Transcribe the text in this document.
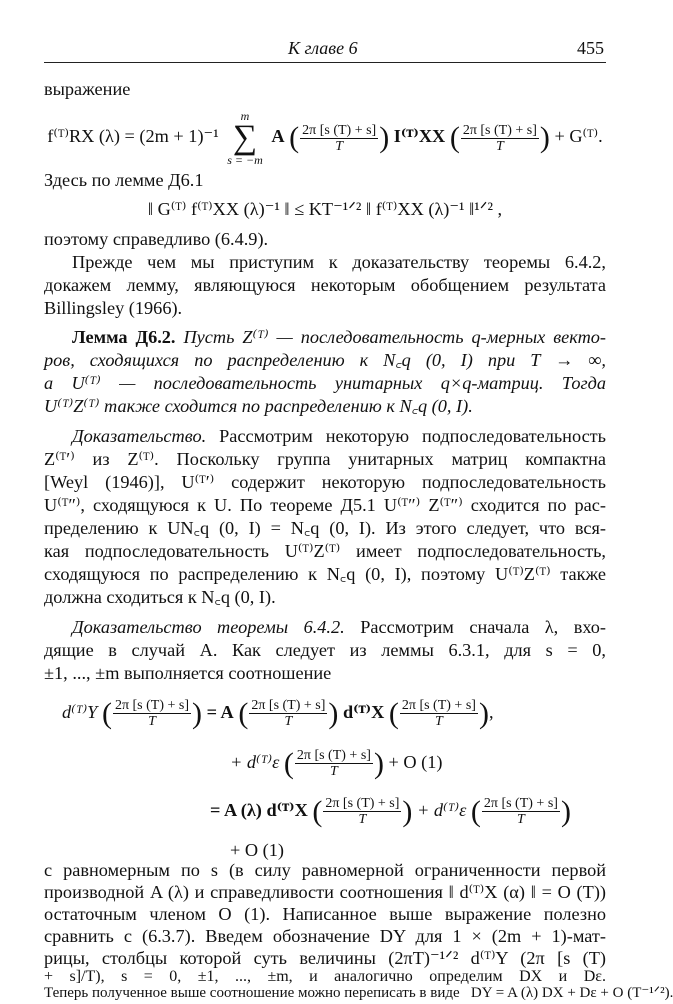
К главе 6	455
выражение
f⁽ᵀ⁾RX (λ) = (2m + 1)⁻¹
m
∑
s = −m
A ( $\frac{2\pi [s (T) + s]}{T}$ ) I⁽ᵀ⁾XX ( $\frac{2\pi [s (T) + s]}{T}$ ) + G⁽ᵀ⁾.
Здесь по лемме Д6.1
‖ G⁽ᵀ⁾ f⁽ᵀ⁾XX (λ)⁻¹ ‖ ≤ KT⁻¹ᐟ² ‖ f⁽ᵀ⁾XX (λ)⁻¹ ‖¹ᐟ² ,
поэтому справедливо (6.4.9).
Прежде чем мы приступим к доказательству теоремы 6.4.2,
докажем лемму, являющуюся некоторым обобщением результата
Billingsley (1966).
Лемма Д6.2. Пусть Z⁽ᵀ⁾ — последовательность q-мерных векто-
ров, сходящихся по распределению к N꜀q (0, I) при T → ∞,
а U⁽ᵀ⁾ — последовательность унитарных q×q-матриц. Тогда
U⁽ᵀ⁾Z⁽ᵀ⁾ также сходится по распределению к N꜀q (0, I).
Доказательство. Рассмотрим некоторую подпоследовательность
Z⁽ᵀ′⁾ из Z⁽ᵀ⁾. Поскольку группа унитарных матриц компактна
[Weyl (1946)], U⁽ᵀ′⁾ содержит некоторую подпоследовательность
U⁽ᵀ″⁾, сходящуюся к U. По теореме Д5.1 U⁽ᵀ″⁾ Z⁽ᵀ″⁾ сходится по рас-
пределению к UN꜀q (0, I) = N꜀q (0, I). Из этого следует, что вся-
кая подпоследовательность U⁽ᵀ⁾Z⁽ᵀ⁾ имеет подпоследовательность,
сходящуюся по распределению к N꜀q (0, I), поэтому U⁽ᵀ⁾Z⁽ᵀ⁾ также
должна сходиться к N꜀q (0, I).
Доказательство теоремы 6.4.2. Рассмотрим сначала λ, вхо-
дящие в случай A. Как следует из леммы 6.3.1, для s = 0,
±1, ..., ±m выполняется соотношение
d⁽ᵀ⁾Y ( $\frac{2\pi [s (T) + s]}{T}$ ) = A ( $\frac{2\pi [s (T) + s]}{T}$ ) d⁽ᵀ⁾X ( $\frac{2\pi [s (T) + s]}{T}$ ),
+ d⁽ᵀ⁾ε ( $\frac{2\pi [s (T) + s]}{T}$ ) + O (1)
= A (λ) d⁽ᵀ⁾X ( $\frac{2\pi [s (T) + s]}{T}$ ) + d⁽ᵀ⁾ε ( $\frac{2\pi [s (T) + s]}{T}$ )
+ O (1)
с равномерным по s (в силу равномерной ограниченности первой
производной A (λ) и справедливости соотношения ‖ d⁽ᵀ⁾X (α) ‖ = O (T))
остаточным членом O (1). Написанное выше выражение полезно
сравнить с (6.3.7). Введем обозначение DY для 1 × (2m + 1)-мат-
рицы, столбцы которой суть величины (2πT)⁻¹ᐟ² d⁽ᵀ⁾Y (2π [s (T)
+ s]/T), s = 0, ±1, ..., ±m, и аналогично определим DX и Dε.
Теперь полученное выше соотношение можно переписать в виде DY = A (λ) DX + Dε + O (T⁻¹ᐟ²).
